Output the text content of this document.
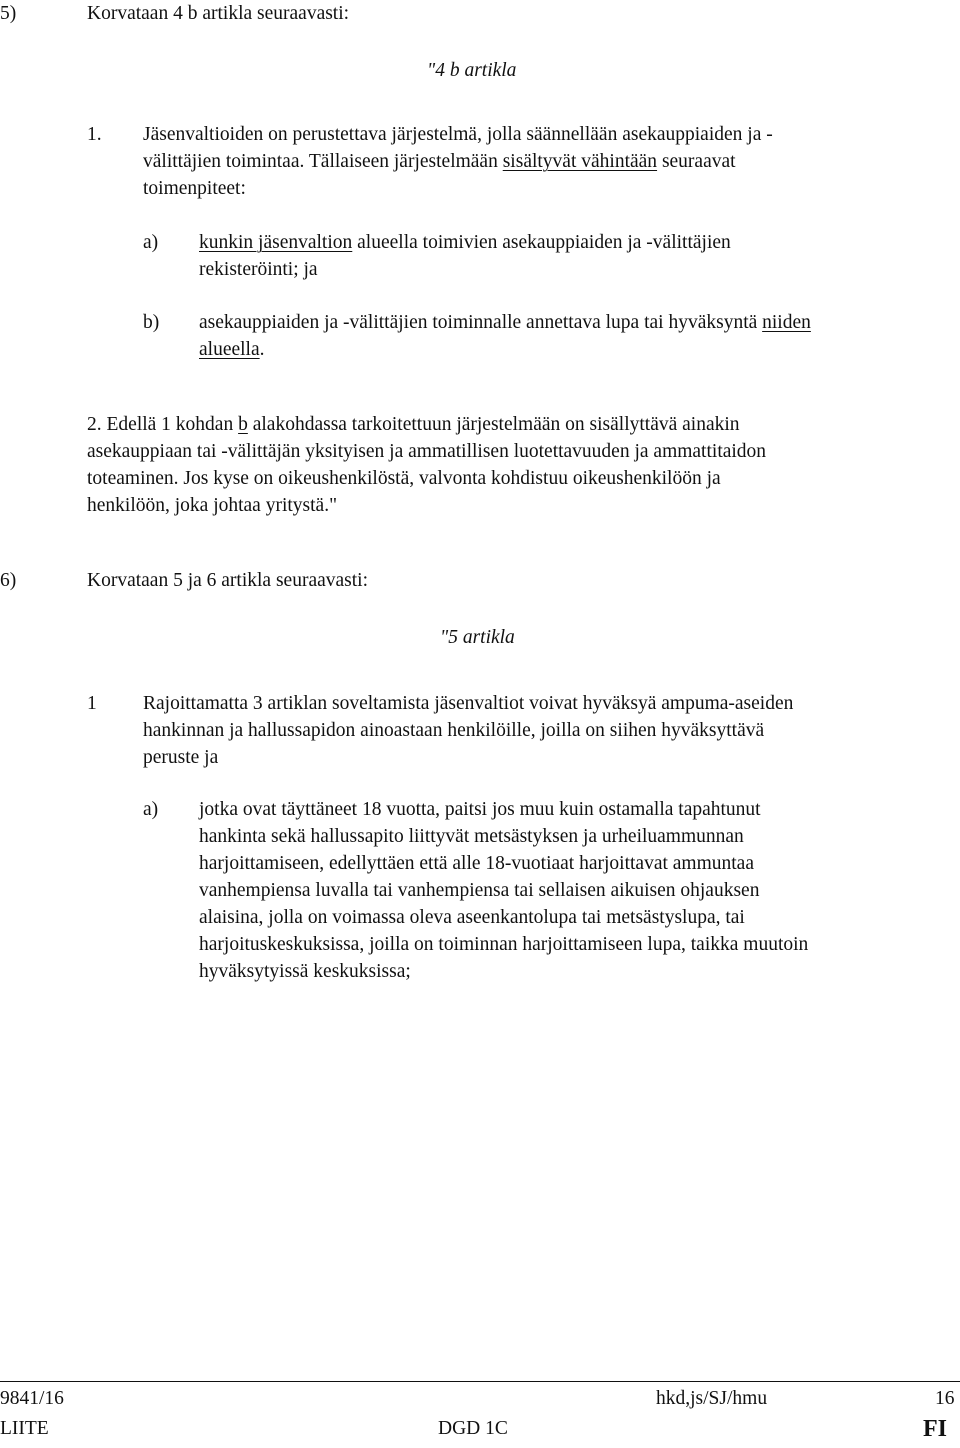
5)	Korvataan 4 b artikla seuraavasti:
"4 b artikla
1. Jäsenvaltioiden on perustettava järjestelmä, jolla säännellään asekauppiaiden ja -
välittäjien toimintaa. Tällaiseen järjestelmään sisältyvät vähintään seuraavat
toimenpiteet:
a) kunkin jäsenvaltion alueella toimivien asekauppiaiden ja -välittäjien
rekisteröinti; ja
b) asekauppiaiden ja -välittäjien toiminnalle annettava lupa tai hyväksyntä niiden
alueella.
2. Edellä 1 kohdan b alakohdassa tarkoitettuun järjestelmään on sisällyttävä ainakin
asekauppiaan tai -välittäjän yksityisen ja ammatillisen luotettavuuden ja ammattitaidon
toteaminen. Jos kyse on oikeushenkilöstä, valvonta kohdistuu oikeushenkilöön ja
henkilöön, joka johtaa yritystä."
6)	Korvataan 5 ja 6 artikla seuraavasti:
"5 artikla
1 Rajoittamatta 3 artiklan soveltamista jäsenvaltiot voivat hyväksyä ampuma-aseiden
hankinnan ja hallussapidon ainoastaan henkilöille, joilla on siihen hyväksyttävä
peruste ja
a) jotka ovat täyttäneet 18 vuotta, paitsi jos muu kuin ostamalla tapahtunut
hankinta sekä hallussapito liittyvät metsästyksen ja urheiluammunnan
harjoittamiseen, edellyttäen että alle 18-vuotiaat harjoittavat ammuntaa
vanhempiensa luvalla tai vanhempiensa tai sellaisen aikuisen ohjauksen
alaisina, jolla on voimassa oleva aseenkantolupa tai metsästyslupa, tai
harjoituskeskuksissa, joilla on toiminnan harjoittamiseen lupa, taikka muutoin
hyväksytyissä keskuksissa;
9841/16	hkd,js/SJ/hmu	16
LIITE	DGD 1C	FI
